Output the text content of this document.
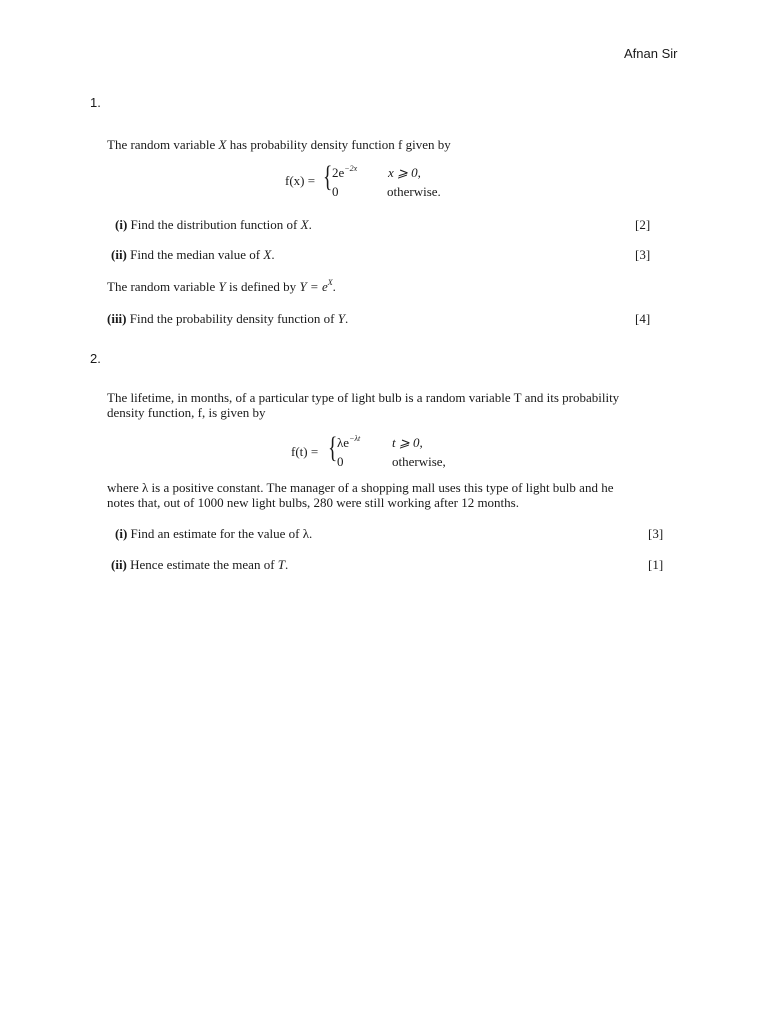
Afnan Sir
1.
The random variable X has probability density function f given by
f(x) = { $2e^{-2x}$ x ⩾ 0,
0	otherwise.
(i) Find the distribution function of X.	[2]
(ii) Find the median value of X.	[3]
The random variable Y is defined by $Y = e^X$.
(iii) Find the probability density function of Y.	[4]
2.
The lifetime, in months, of a particular type of light bulb is a random variable T and its probability
density function, f, is given by
f(t) = { $\lambda e^{-\lambda t}$ t ⩾ 0,
0	otherwise,
where λ is a positive constant. The manager of a shopping mall uses this type of light bulb and he
notes that, out of 1000 new light bulbs, 280 were still working after 12 months.
(i) Find an estimate for the value of λ.	[3]
(ii) Hence estimate the mean of T.	[1]
